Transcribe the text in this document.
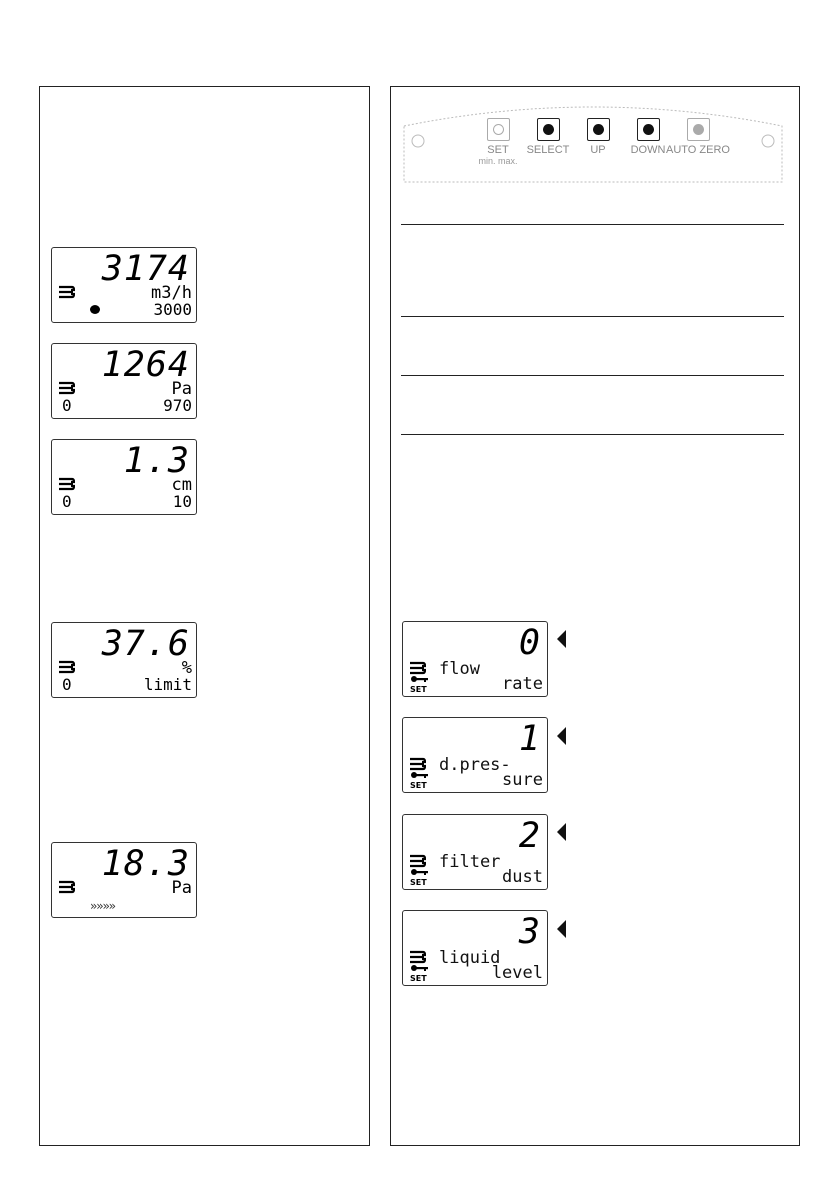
3174
m3/h
3000
1264
Pa
0	970
1.3
cm
0	10
37.6
%
0	limit
18.3
Pa
»»»»
SET
min. max.
SELECT	UP	DOWN AUTO ZERO
0
flow
SET	rate
1
d.pres-
SET	sure
2
filter
SET	dust
3
liquid
SET	level
